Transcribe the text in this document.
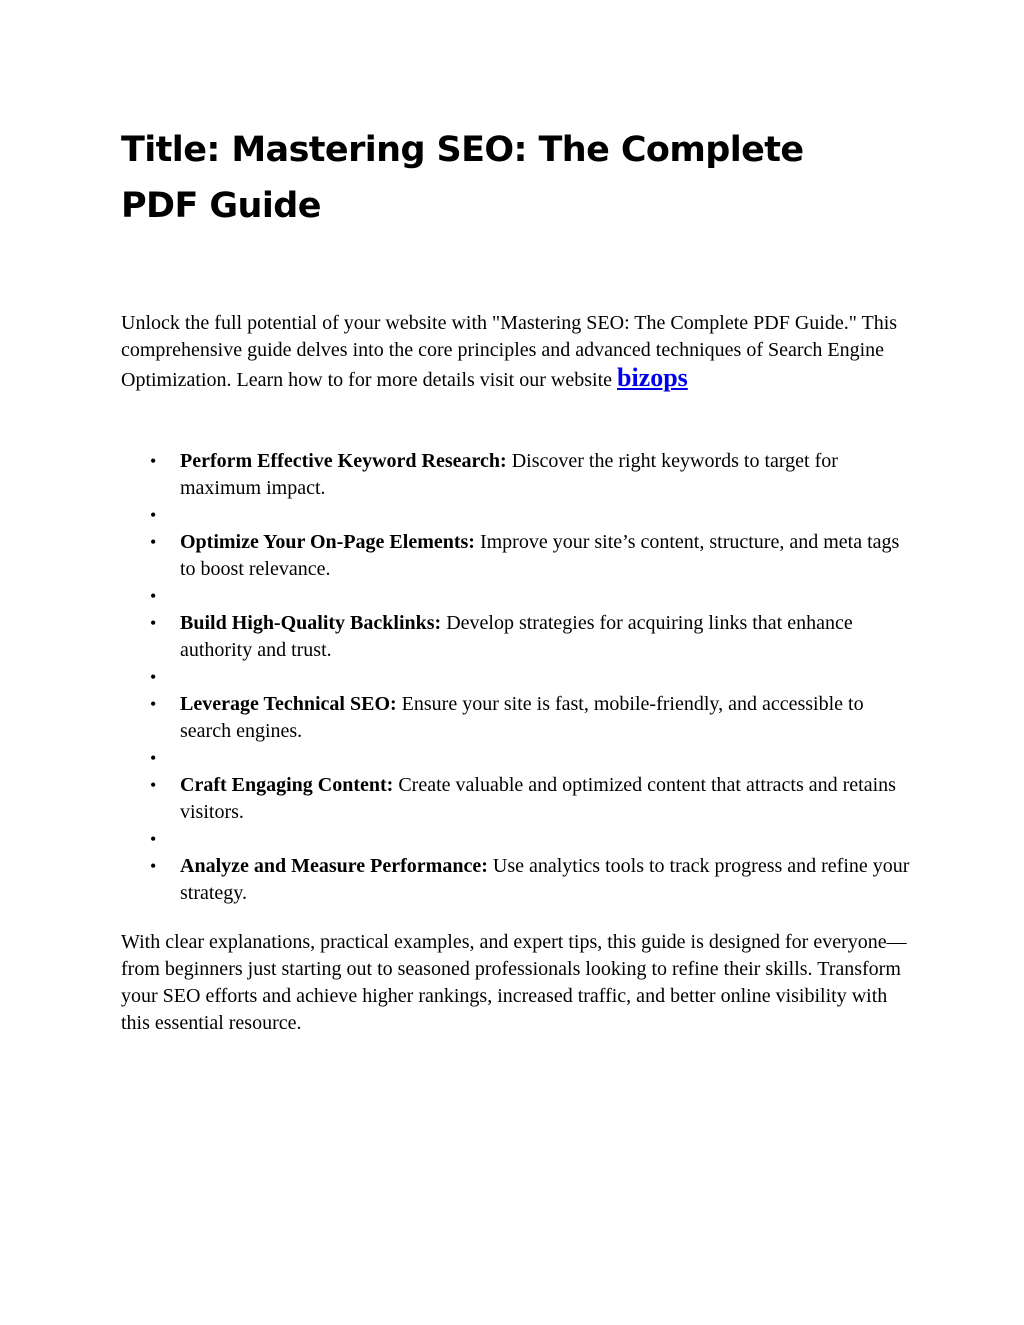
Title: Mastering SEO: The Complete PDF Guide

Unlock the full potential of your website with "Mastering SEO: The Complete PDF Guide." This comprehensive guide delves into the core principles and advanced techniques of Search Engine Optimization. Learn how to for more details visit our website bizops

• Perform Effective Keyword Research: Discover the right keywords to target for maximum impact.
•
• Optimize Your On-Page Elements: Improve your site’s content, structure, and meta tags to boost relevance.
•
• Build High-Quality Backlinks: Develop strategies for acquiring links that enhance authority and trust.
•
• Leverage Technical SEO: Ensure your site is fast, mobile-friendly, and accessible to search engines.
•
• Craft Engaging Content: Create valuable and optimized content that attracts and retains visitors.
•
• Analyze and Measure Performance: Use analytics tools to track progress and refine your strategy.

With clear explanations, practical examples, and expert tips, this guide is designed for everyone—from beginners just starting out to seasoned professionals looking to refine their skills. Transform your SEO efforts and achieve higher rankings, increased traffic, and better online visibility with this essential resource.
